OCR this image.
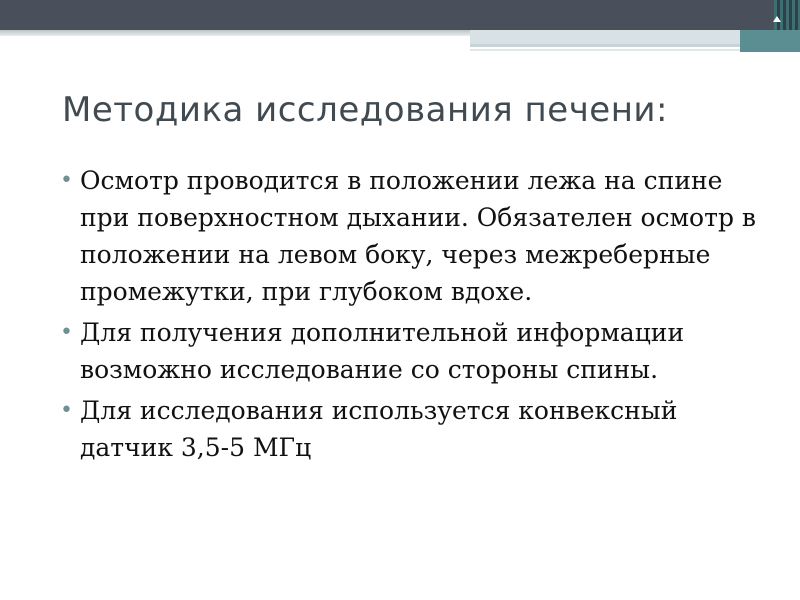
Методика исследования печени:
• Осмотр проводится в положении лежа на спине при поверхностном дыхании. Обязателен осмотр в положении на левом боку, через межреберные промежутки, при глубоком вдохе.
• Для получения дополнительной информации возможно исследование со стороны спины.
• Для исследования используется конвексный датчик 3,5-5 МГц
